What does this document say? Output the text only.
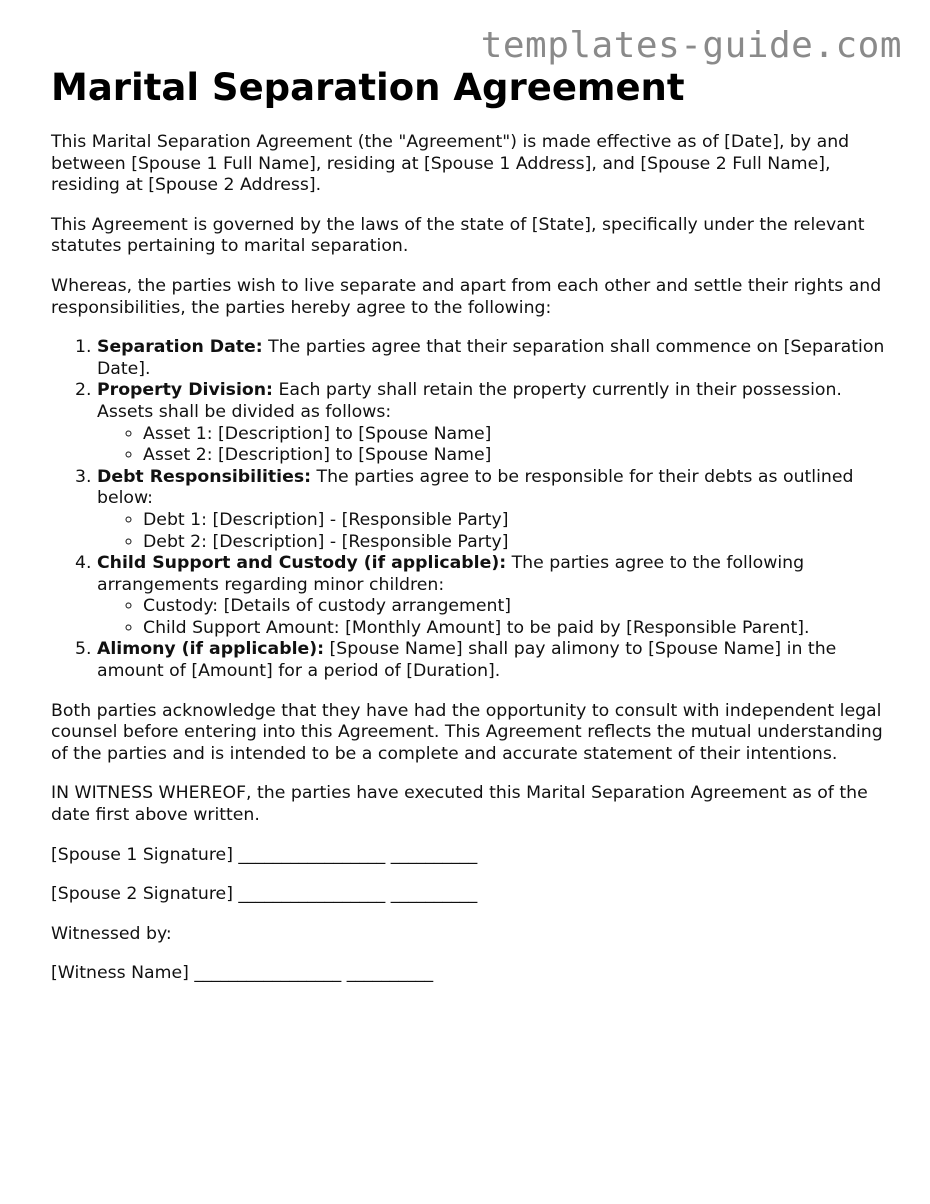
templates-guide.com
Marital Separation Agreement

This Marital Separation Agreement (the "Agreement") is made effective as of [Date], by and between [Spouse 1 Full Name], residing at [Spouse 1 Address], and [Spouse 2 Full Name], residing at [Spouse 2 Address].

This Agreement is governed by the laws of the state of [State], specifically under the relevant statutes pertaining to marital separation.

Whereas, the parties wish to live separate and apart from each other and settle their rights and responsibilities, the parties hereby agree to the following:

1. Separation Date: The parties agree that their separation shall commence on [Separation Date].
2. Property Division: Each party shall retain the property currently in their possession. Assets shall be divided as follows:
◦ Asset 1: [Description] to [Spouse Name]
◦ Asset 2: [Description] to [Spouse Name]
3. Debt Responsibilities: The parties agree to be responsible for their debts as outlined below:
◦ Debt 1: [Description] - [Responsible Party]
◦ Debt 2: [Description] - [Responsible Party]
4. Child Support and Custody (if applicable): The parties agree to the following arrangements regarding minor children:
◦ Custody: [Details of custody arrangement]
◦ Child Support Amount: [Monthly Amount] to be paid by [Responsible Parent].
5. Alimony (if applicable): [Spouse Name] shall pay alimony to [Spouse Name] in the amount of [Amount] for a period of [Duration].

Both parties acknowledge that they have had the opportunity to consult with independent legal counsel before entering into this Agreement. This Agreement reflects the mutual understanding of the parties and is intended to be a complete and accurate statement of their intentions.

IN WITNESS WHEREOF, the parties have executed this Marital Separation Agreement as of the date first above written.

[Spouse 1 Signature] _________________ __________

[Spouse 2 Signature] _________________ __________

Witnessed by:

[Witness Name] _________________ __________
